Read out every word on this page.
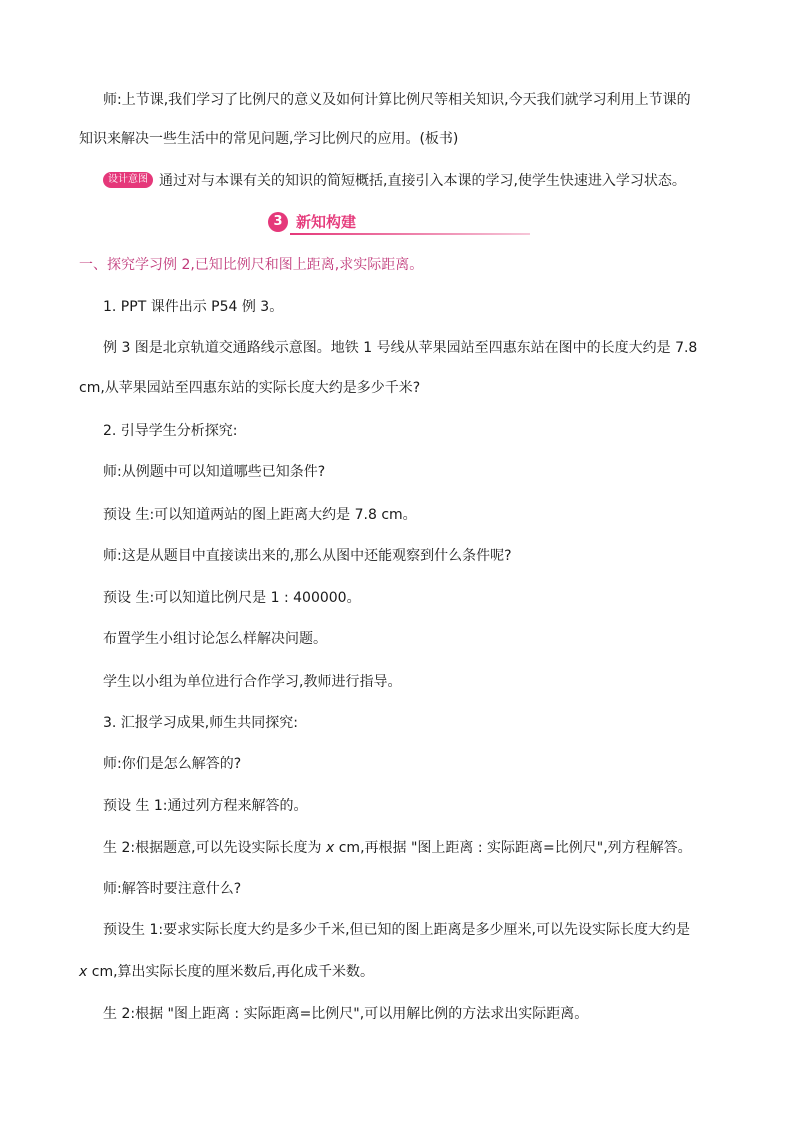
师:上节课,我们学习了比例尺的意义及如何计算比例尺等相关知识,今天我们就学习利用上节课的
知识来解决一些生活中的常见问题,学习比例尺的应用。(板书)
设计意图 通过对与本课有关的知识的简短概括,直接引入本课的学习,使学生快速进入学习状态。
3 新知构建
一、探究学习例 2,已知比例尺和图上距离,求实际距离。
1. PPT 课件出示 P54 例 3。
例 3 图是北京轨道交通路线示意图。地铁 1 号线从苹果园站至四惠东站在图中的长度大约是 7.8
cm,从苹果园站至四惠东站的实际长度大约是多少千米?
2. 引导学生分析探究:
师:从例题中可以知道哪些已知条件?
预设 生:可以知道两站的图上距离大约是 7.8 cm。
师:这是从题目中直接读出来的,那么从图中还能观察到什么条件呢?
预设 生:可以知道比例尺是 1 : 400000。
布置学生小组讨论怎么样解决问题。
学生以小组为单位进行合作学习,教师进行指导。
3. 汇报学习成果,师生共同探究:
师:你们是怎么解答的?
预设 生 1:通过列方程来解答的。
生 2:根据题意,可以先设实际长度为 x cm,再根据 "图上距离 : 实际距离=比例尺",列方程解答。
师:解答时要注意什么?
预设生 1:要求实际长度大约是多少千米,但已知的图上距离是多少厘米,可以先设实际长度大约是
x cm,算出实际长度的厘米数后,再化成千米数。
生 2:根据 "图上距离 : 实际距离=比例尺",可以用解比例的方法求出实际距离。
